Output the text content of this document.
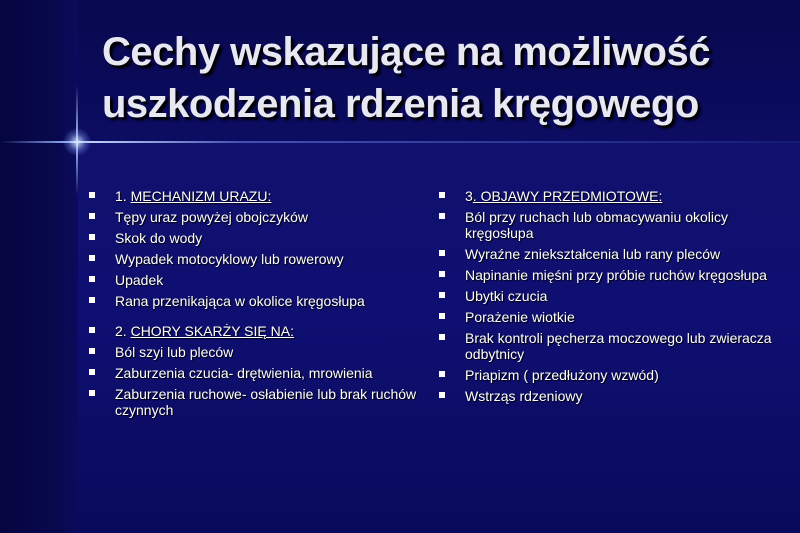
Cechy wskazujące na możliwość
uszkodzenia rdzenia kręgowego
1. MECHANIZM URAZU:
Tępy uraz powyżej obojczyków
Skok do wody
Wypadek motocyklowy lub rowerowy
Upadek
Rana przenikająca w okolice kręgosłupa
2. CHORY SKARŻY SIĘ NA:
Ból szyi lub pleców
Zaburzenia czucia- drętwienia, mrowienia
Zaburzenia ruchowe- osłabienie lub brak ruchów czynnych
3. OBJAWY PRZEDMIOTOWE:
Ból przy ruchach lub obmacywaniu okolicy kręgosłupa
Wyraźne zniekształcenia lub rany pleców
Napinanie mięśni przy próbie ruchów kręgosłupa
Ubytki czucia
Porażenie wiotkie
Brak kontroli pęcherza moczowego lub zwieracza odbytnicy
Priapizm ( przedłużony wzwód)
Wstrząs rdzeniowy
